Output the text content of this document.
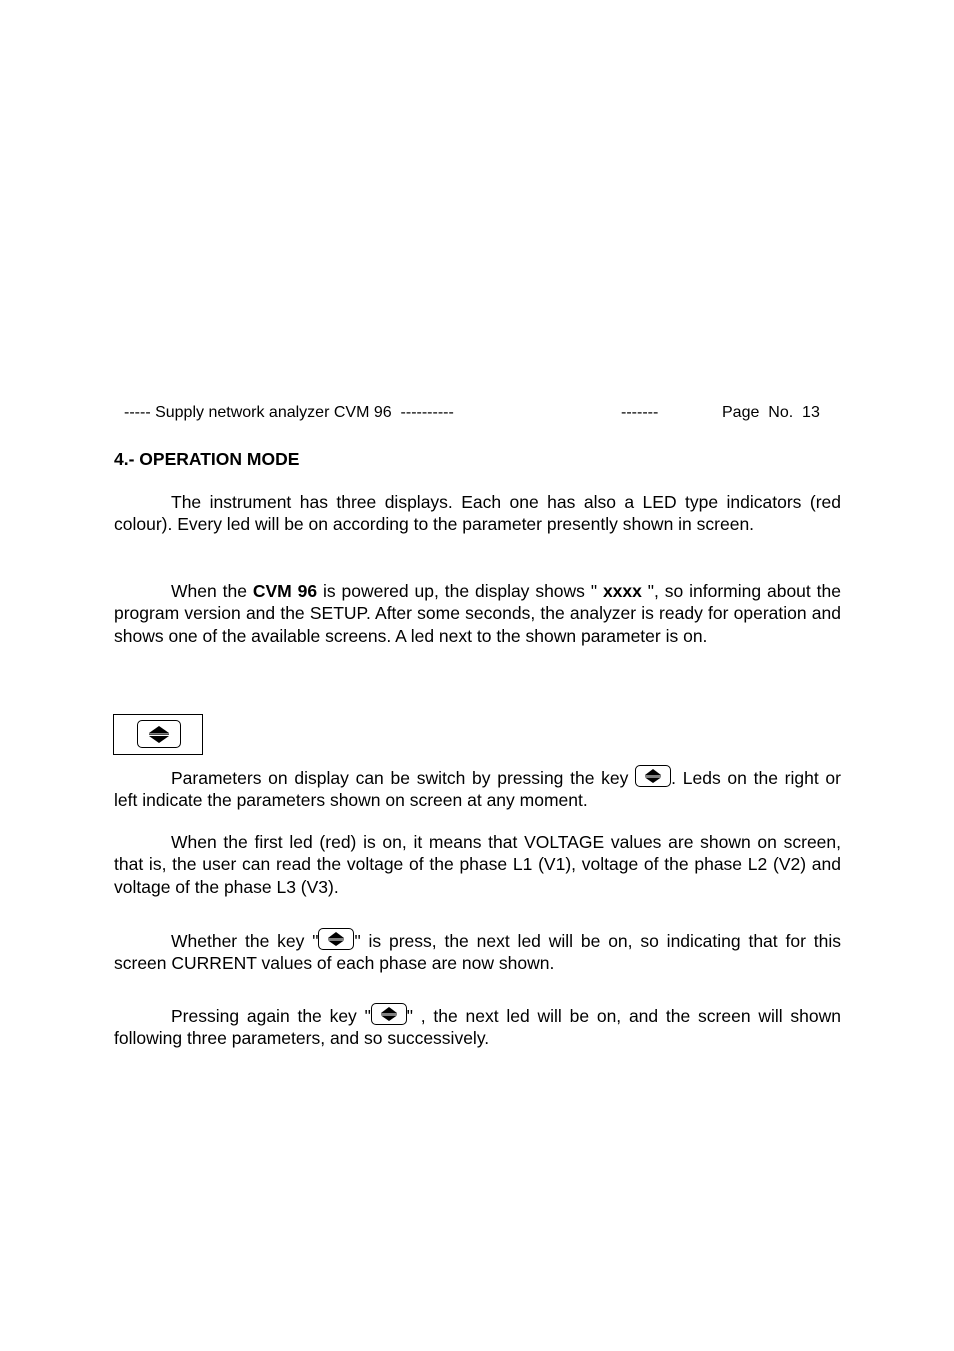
----- Supply network analyzer CVM 96  ----------	-------	Page  No.  13
4.- OPERATION MODE

The instrument has three displays. Each one has also a LED type indicators (red colour). Every led will be on according to the parameter presently shown in screen.

When the CVM 96 is powered up, the display shows " xxxx ", so informing about the program version and the SETUP. After some seconds, the analyzer is ready for operation and shows one of the available screens. A led next to the shown parameter is on.

Parameters on display can be switch by pressing the key
. Leds on the right or left indicate the parameters shown on screen at any moment.

When the first led (red) is on, it means that VOLTAGE values are shown on screen, that is, the user can read the voltage of the phase L1 (V1), voltage of the phase L2 (V2) and voltage of the phase L3 (V3).

Whether the key " " is press, the next led will be on, so indicating that for this screen CURRENT values of each phase are now shown.

Pressing again the key " " , the next led will be on, and the screen will shown following three parameters, and so successively.
